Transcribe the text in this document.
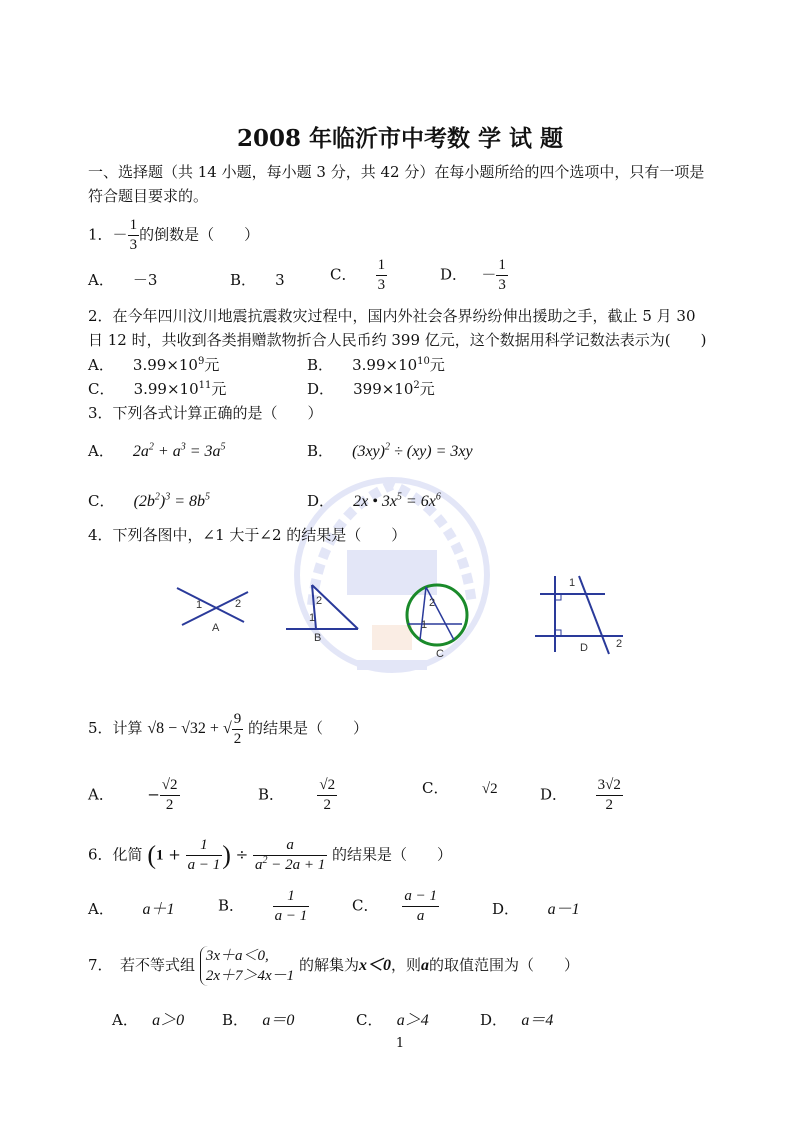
2008 年临沂市中考数 学 试 题
一、选择题（共 14 小题，每小题 3 分，共 42 分）在每小题所给的四个选项中，只有一项是
符合题目要求的。
1．－ $\frac{1}{3}$ 的倒数是（　　）
A． －3	B． 3	C． $\frac{1}{3}$	D． － $\frac{1}{3}$
2．在今年四川汶川地震抗震救灾过程中，国内外社会各界纷纷伸出援助之手，截止 5 月 30
日 12 时，共收到各类捐赠款物折合人民币约 399 亿元，这个数据用科学记数法表示为(　　)
A． $3.99\times 10^9$元	B． $3.99\times 10^{10}$元
C． $3.99\times 10^{11}$元	D． $399\times 10^2$元
3．下列各式计算正确的是（　　）
A． $2a^2 + a^3 = 3a^5$	B． $(3xy)^2 \div (xy) = 3xy$
C． $(2b^2)^3 = 8b^5$	D． 2x • $3x^5 = 6x^6$
4．下列各图中，∠1 大于∠2 的结果是（　　）
1	2
A
2
1
B
2
1
C
1
2
D
5．计算 √8 − √32 + √ $\frac{9}{2}$ 的结果是（　　）
A．       − $\frac{√2}{2}$	B． $\frac{√2}{2}$	C． √2	D． $\frac{3√2}{2}$
6．化简 ($1 + \frac{1}{a - 1}$ ) ÷ $\frac{a}{a^2 - 2a + 1}$ 的结果是（　　）
A． a＋1	B． $\frac{1}{a - 1}$	C． $\frac{a - 1}{a}$	D． a－1
7．　若不等式组 3x＋a＜0,
2x＋7＞4x－1
的解集为x＜0，则a的取值范围为（　　）
A． a＞0	B． a＝0	C． a＞4	D． a＝4
1
